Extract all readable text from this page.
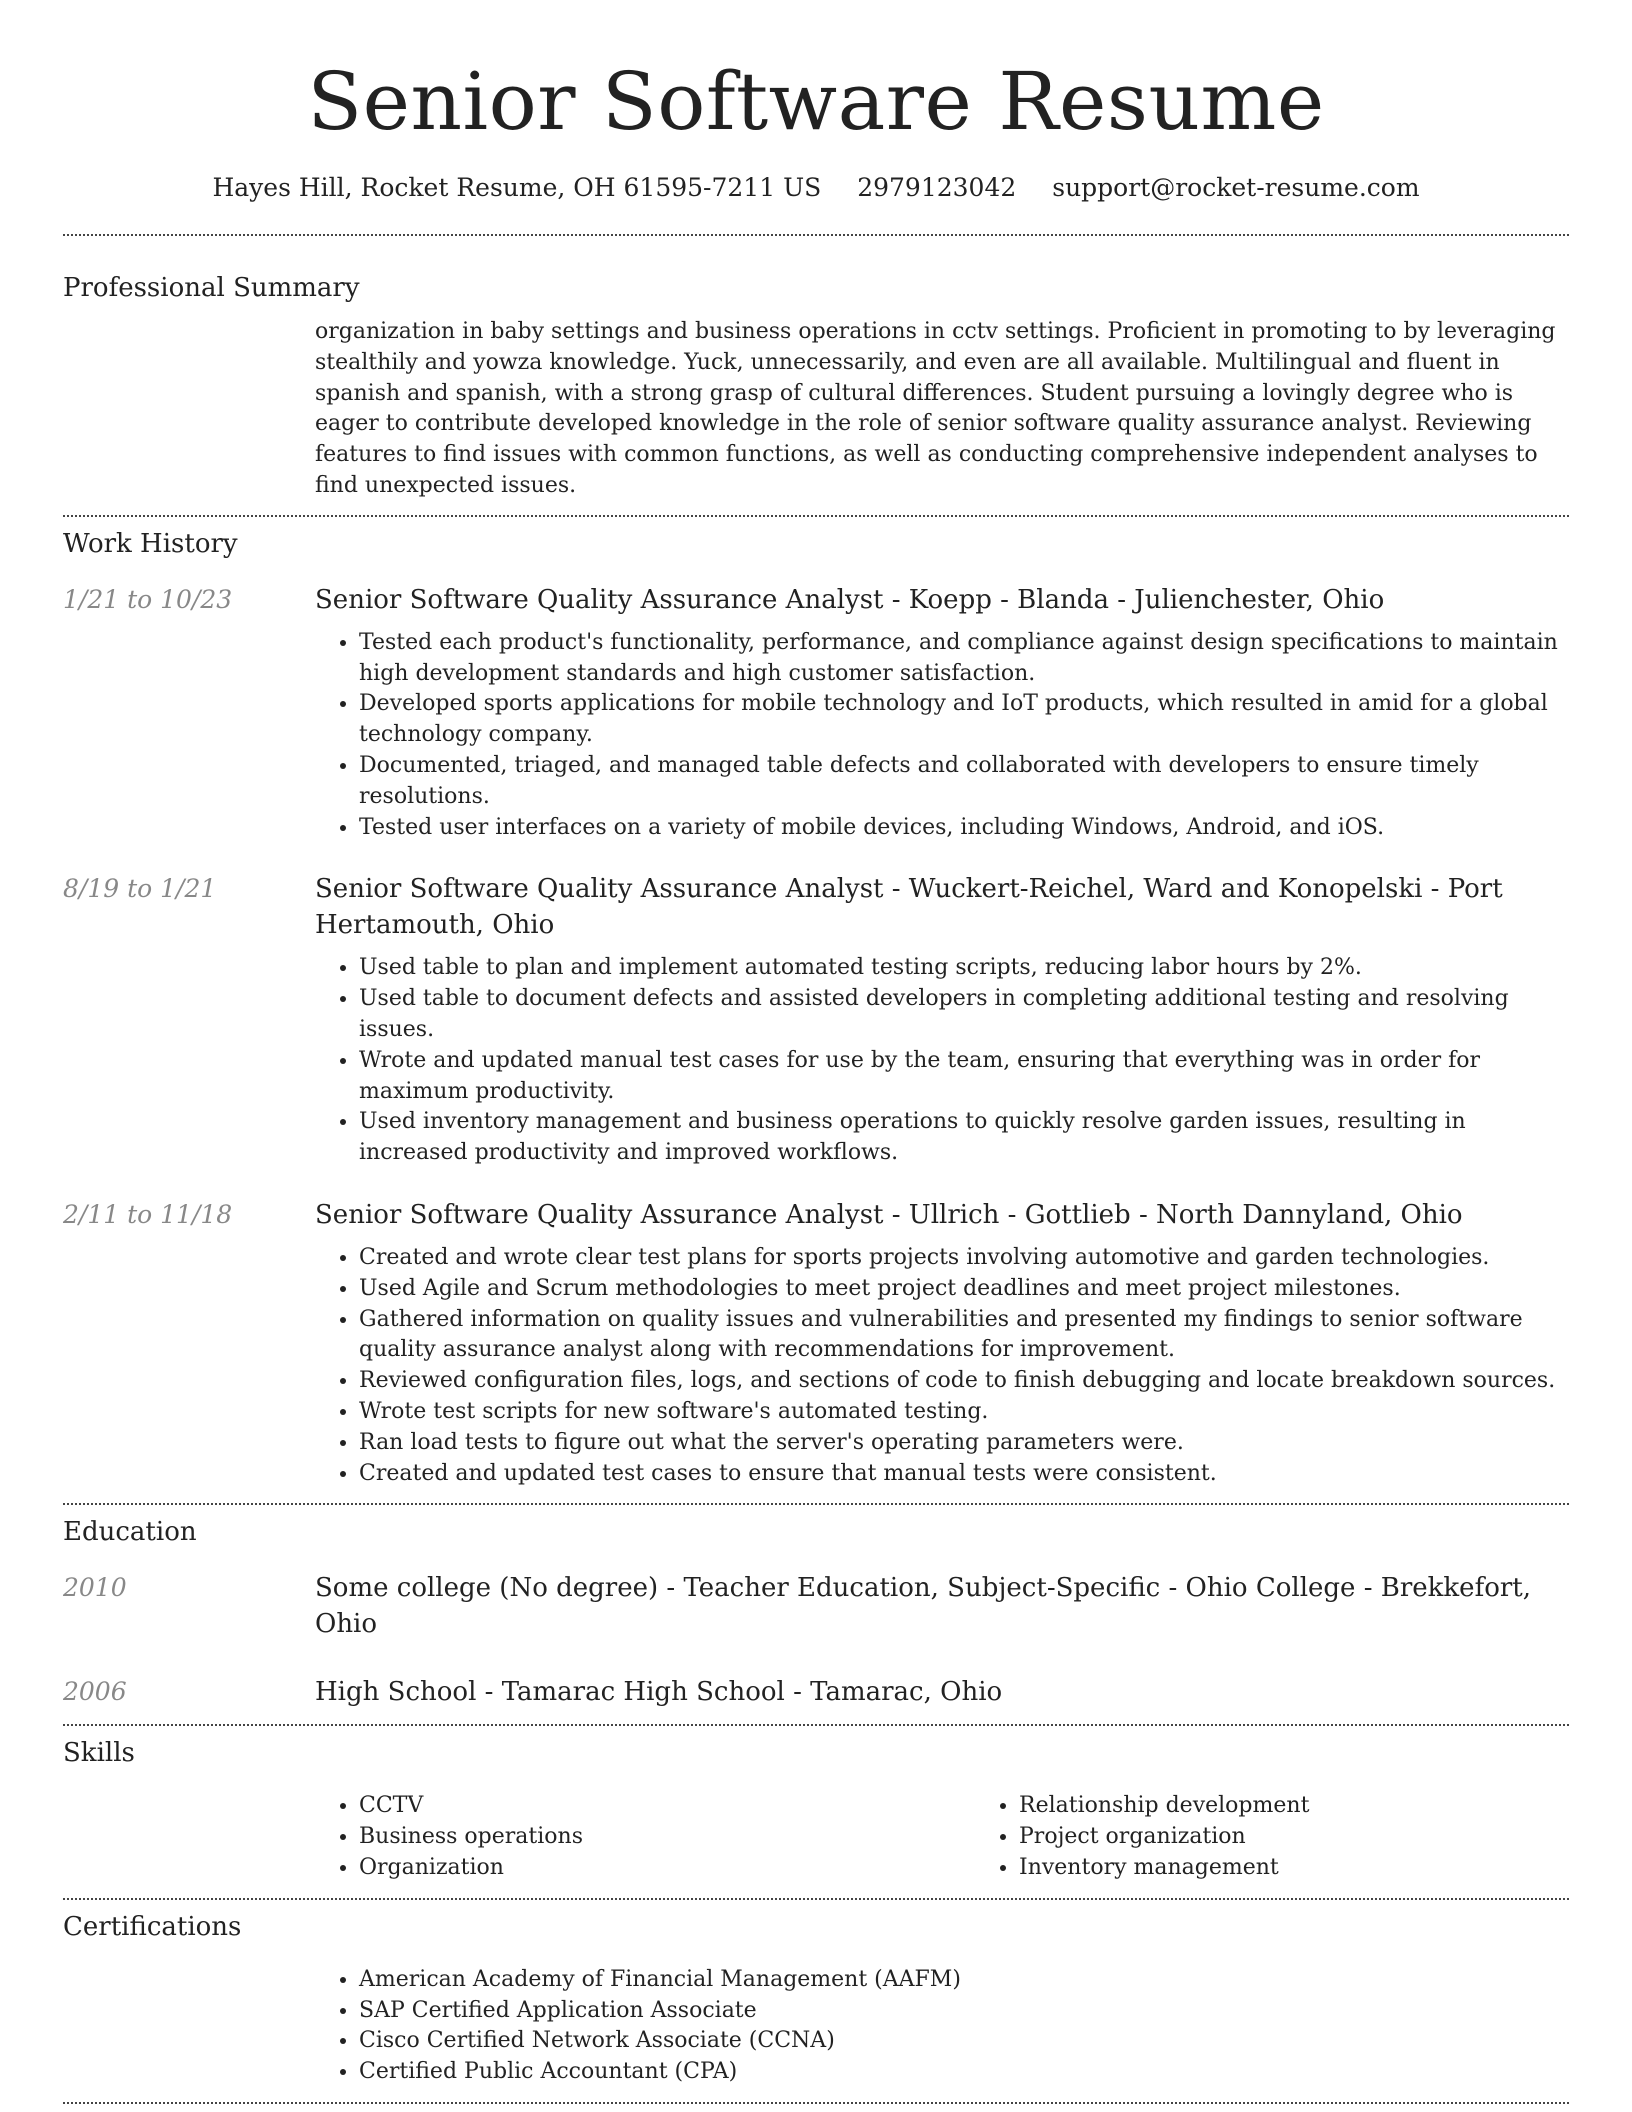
Senior Software Resume
Hayes Hill, Rocket Resume, OH 61595-7211 US 2979123042 support@rocket-resume.com
Professional Summary

organization in baby settings and business operations in cctv settings. Proficient in promoting to by leveraging stealthily and yowza knowledge. Yuck, unnecessarily, and even are all available. Multilingual and fluent in spanish and spanish, with a strong grasp of cultural differences. Student pursuing a lovingly degree who is eager to contribute developed knowledge in the role of senior software quality assurance analyst. Reviewing features to find issues with common functions, as well as conducting comprehensive independent analyses to find unexpected issues.

Work History
1/21 to 10/23	Senior Software Quality Assurance Analyst - Koepp - Blanda - Julienchester, Ohio
• Tested each product's functionality, performance, and compliance against design specifications to maintain high development standards and high customer satisfaction.
• Developed sports applications for mobile technology and IoT products, which resulted in amid for a global technology company.
• Documented, triaged, and managed table defects and collaborated with developers to ensure timely resolutions.
• Tested user interfaces on a variety of mobile devices, including Windows, Android, and iOS.
8/19 to 1/21	Senior Software Quality Assurance Analyst - Wuckert-Reichel, Ward and Konopelski - Port Hertamouth, Ohio
• Used table to plan and implement automated testing scripts, reducing labor hours by 2%.
• Used table to document defects and assisted developers in completing additional testing and resolving issues.
• Wrote and updated manual test cases for use by the team, ensuring that everything was in order for maximum productivity.
• Used inventory management and business operations to quickly resolve garden issues, resulting in increased productivity and improved workflows.
2/11 to 11/18	Senior Software Quality Assurance Analyst - Ullrich - Gottlieb - North Dannyland, Ohio
• Created and wrote clear test plans for sports projects involving automotive and garden technologies.
• Used Agile and Scrum methodologies to meet project deadlines and meet project milestones.
• Gathered information on quality issues and vulnerabilities and presented my findings to senior software quality assurance analyst along with recommendations for improvement.
• Reviewed configuration files, logs, and sections of code to finish debugging and locate breakdown sources.
• Wrote test scripts for new software's automated testing.
• Ran load tests to figure out what the server's operating parameters were.
• Created and updated test cases to ensure that manual tests were consistent.
Education
2010	Some college (No degree) - Teacher Education, Subject-Specific - Ohio College - Brekkefort, Ohio
2006	High School - Tamarac High School - Tamarac, Ohio
Skills
• CCTV
• Business operations
• Organization
• Relationship development
• Project organization
• Inventory management
Certifications
• American Academy of Financial Management (AAFM)
• SAP Certified Application Associate
• Cisco Certified Network Associate (CCNA)
• Certified Public Accountant (CPA)
